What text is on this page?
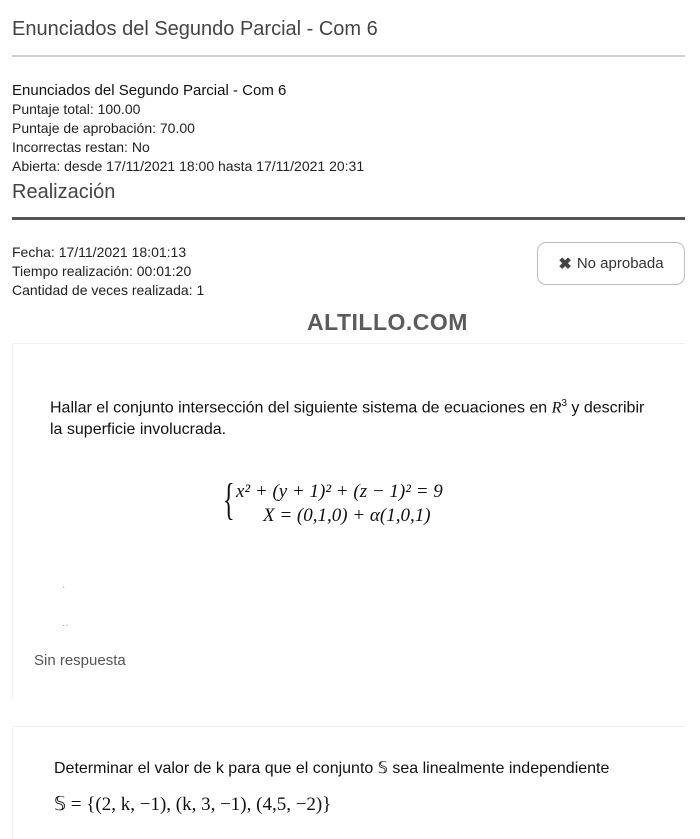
Enunciados del Segundo Parcial - Com 6
Enunciados del Segundo Parcial - Com 6
Puntaje total: 100.00
Puntaje de aprobación: 70.00
Incorrectas restan: No
Abierta: desde 17/11/2021 18:00 hasta 17/11/2021 20:31
Realización
Fecha: 17/11/2021 18:01:13
Tiempo realización: 00:01:20
Cantidad de veces realizada: 1
✖ No aprobada
ALTILLO.COM
Hallar el conjunto intersección del siguiente sistema de ecuaciones en $R^3$ y describir la superficie involucrada.
{ x² + (y + 1)² + (z − 1)² = 9
X = (0,1,0) + α(1,0,1)
·
··
Sin respuesta
Determinar el valor de k para que el conjunto 𝕊 sea linealmente independiente
𝕊 = {(2, k, −1), (k, 3, −1), (4,5, −2)}
